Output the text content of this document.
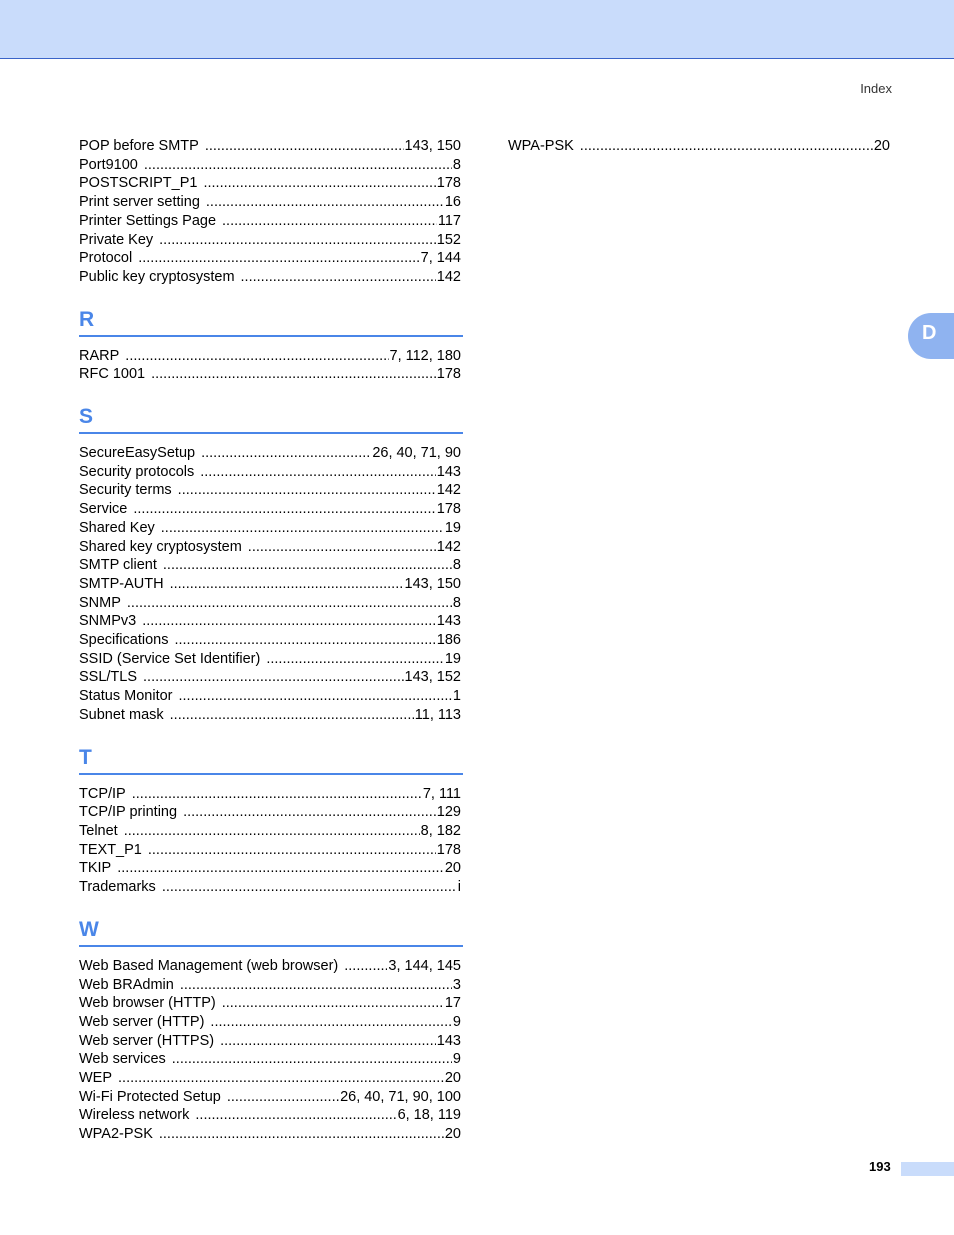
Index
D
POP before SMTP .....	143, 150
Port9100 .....	8
POSTSCRIPT_P1 .....	178
Print server setting .....	16
Printer Settings Page .....	117
Private Key .....	152
Protocol .....	7, 144
Public key cryptosystem .....	142
R
RARP .....	7, 112, 180
RFC 1001 .....	178
S
SecureEasySetup .....	26, 40, 71, 90
Security protocols .....	143
Security terms .....	142
Service .....	178
Shared Key .....	19
Shared key cryptosystem .....	142
SMTP client .....	8
SMTP-AUTH .....	143, 150
SNMP .....	8
SNMPv3 .....	143
Specifications .....	186
SSID (Service Set Identifier) .....	19
SSL/TLS .....	143, 152
Status Monitor .....	1
Subnet mask .....	11, 113
T
TCP/IP .....	7, 111
TCP/IP printing .....	129
Telnet .....	8, 182
TEXT_P1 .....	178
TKIP .....	20
Trademarks .....	i
W
Web Based Management (web browser) .....	3, 144, 145
Web BRAdmin .....	3
Web browser (HTTP) .....	17
Web server (HTTP) .....	9
Web server (HTTPS) .....	143
Web services .....	9
WEP .....	20
Wi-Fi Protected Setup .....	26, 40, 71, 90, 100
Wireless network .....	6, 18, 119
WPA2-PSK .....	20
WPA-PSK .....	20
193
